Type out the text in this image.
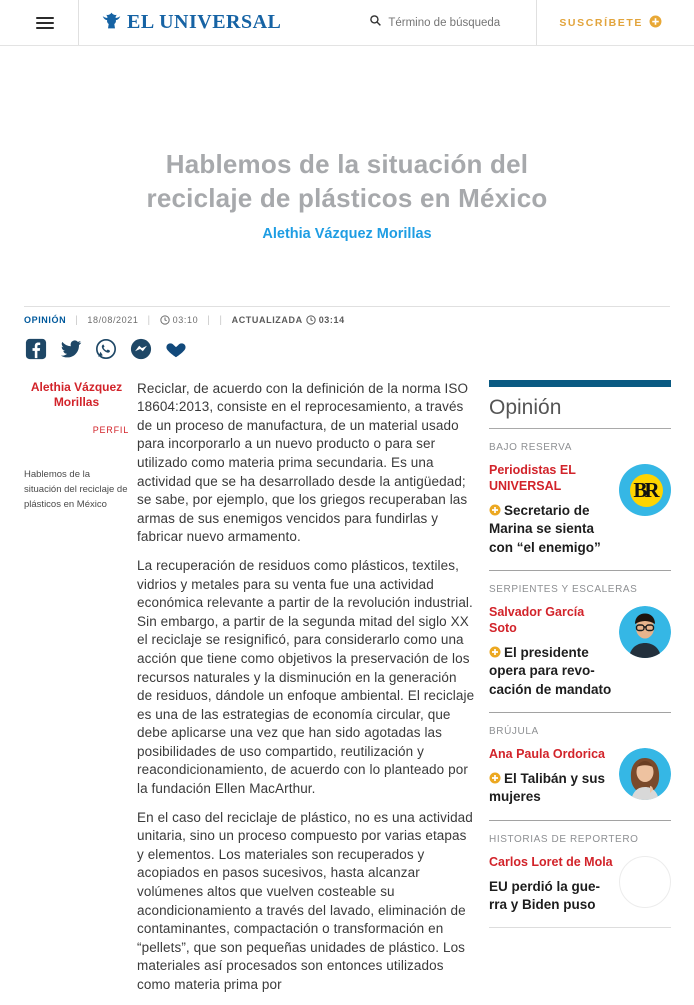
EL UNIVERSAL
Término de búsqueda	SUSCRÍBETE
Hablemos de la situación del reciclaje de plásticos en México
Alethia Vázquez Morillas
OPINIÓN | 18/08/2021 | 03:10 | | ACTUALIZADA 03:14
Alethia Vázquez Morillas
PERFIL
Hablemos de la situación del reciclaje de plásticos en México

Reciclar, de acuerdo con la definición de la norma ISO 18604:2013, consiste en el reprocesamiento, a través de un proceso de manufactura, de un material usado para incorporarlo a un nuevo producto o para ser utilizado como materia prima secundaria. Es una actividad que se ha desarrollado desde la antigüedad; se sabe, por ejemplo, que los griegos recuperaban las armas de sus enemigos vencidos para fundirlas y fabricar nuevo armamento.

La recuperación de residuos como plásticos, textiles, vidrios y metales para su venta fue una actividad económica relevante a partir de la revolución industrial. Sin embargo, a partir de la segunda mitad del siglo XX el reciclaje se resignificó, para considerarlo como una acción que tiene como objetivos la preservación de los recursos naturales y la disminución en la generación de residuos, dándole un enfoque ambiental. El reciclaje es una de las estrategias de economía circular, que debe aplicarse una vez que han sido agotadas las posibilidades de uso compartido, reutilización y reacondicionamiento, de acuerdo con lo planteado por la fundación Ellen MacArthur.

En el caso del reciclaje de plástico, no es una actividad unitaria, sino un proceso compuesto por varias etapas y elementos. Los materiales son recuperados y acopiados en pasos sucesivos, hasta alcanzar volúmenes altos que vuelven costeable su acondicionamiento a través del lavado, eliminación de contaminantes, compactación o transformación en “pellets”, que son pequeñas unidades de plástico. Los materiales así procesados son entonces utilizados como materia prima por

Opinión
BAJO RESERVA
Periodistas EL UNIVERSAL
Secretario de Marina se sienta con “el enemigo”
BR
SERPIENTES Y ESCALERAS
Salvador García Soto
El presidente opera para revo-cación de mandato
BRÚJULA
Ana Paula Ordorica
El Talibán y sus mujeres
HISTORIAS DE REPORTERO
Carlos Loret de Mola
EU perdió la gue-rra y Biden puso
